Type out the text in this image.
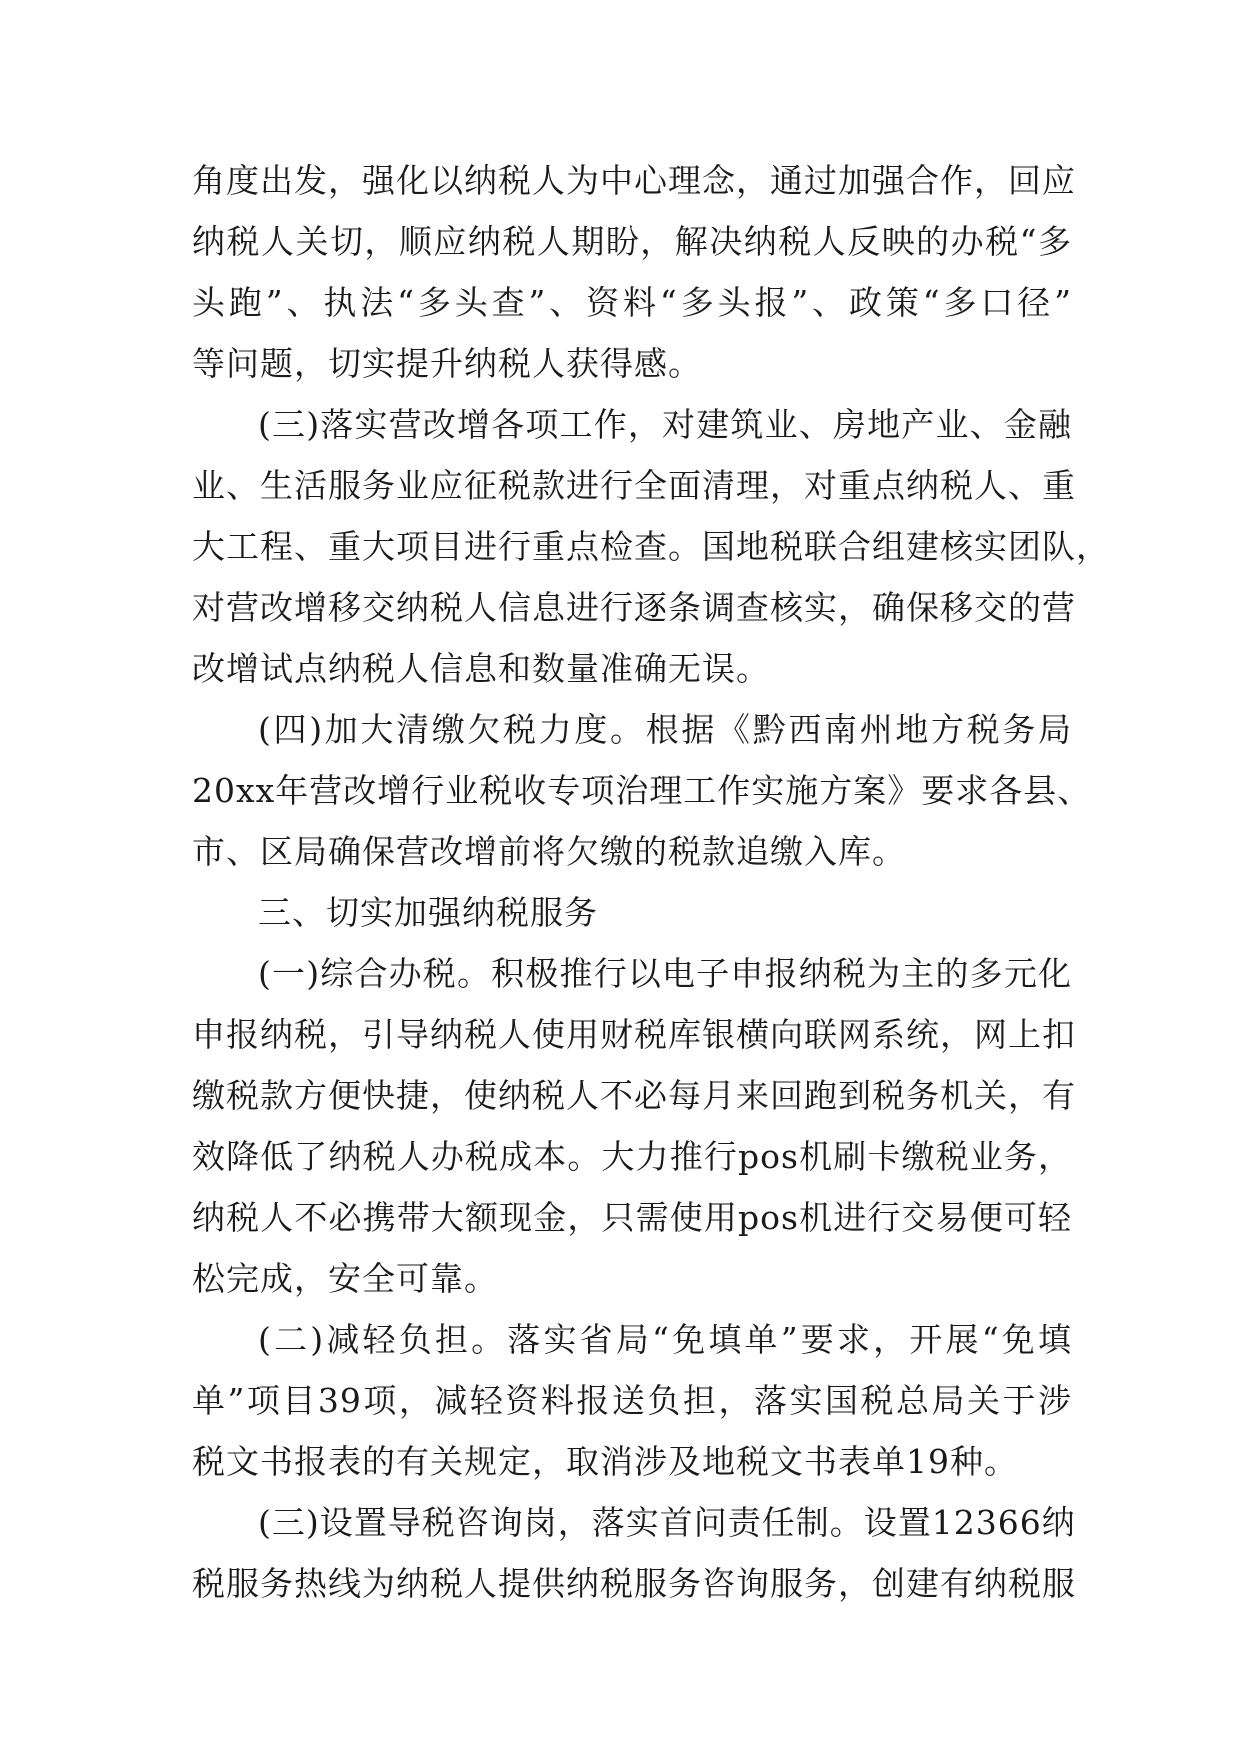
角度出发，强化以纳税人为中心理念，通过加强合作，回应
纳税人关切，顺应纳税人期盼，解决纳税人反映的办税“多
头跑”、执法“多头查”、资料“多头报”、政策“多口径”
等问题，切实提升纳税人获得感。
(三)落实营改增各项工作，对建筑业、房地产业、金融
业、生活服务业应征税款进行全面清理，对重点纳税人、重
大工程、重大项目进行重点检查。国地税联合组建核实团队，
对营改增移交纳税人信息进行逐条调查核实，确保移交的营
改增试点纳税人信息和数量准确无误。
(四)加大清缴欠税力度。根据《黔西南州地方税务局
20xx年营改增行业税收专项治理工作实施方案》要求各县、
市、区局确保营改增前将欠缴的税款追缴入库。
三、切实加强纳税服务
(一)综合办税。积极推行以电子申报纳税为主的多元化
申报纳税，引导纳税人使用财税库银横向联网系统，网上扣
缴税款方便快捷，使纳税人不必每月来回跑到税务机关，有
效降低了纳税人办税成本。大力推行pos机刷卡缴税业务，
纳税人不必携带大额现金，只需使用pos机进行交易便可轻
松完成，安全可靠。
(二)减轻负担。落实省局“免填单”要求，开展“免填
单”项目39项，减轻资料报送负担，落实国税总局关于涉
税文书报表的有关规定，取消涉及地税文书表单19种。
(三)设置导税咨询岗，落实首问责任制。设置12366纳
税服务热线为纳税人提供纳税服务咨询服务，创建有纳税服
